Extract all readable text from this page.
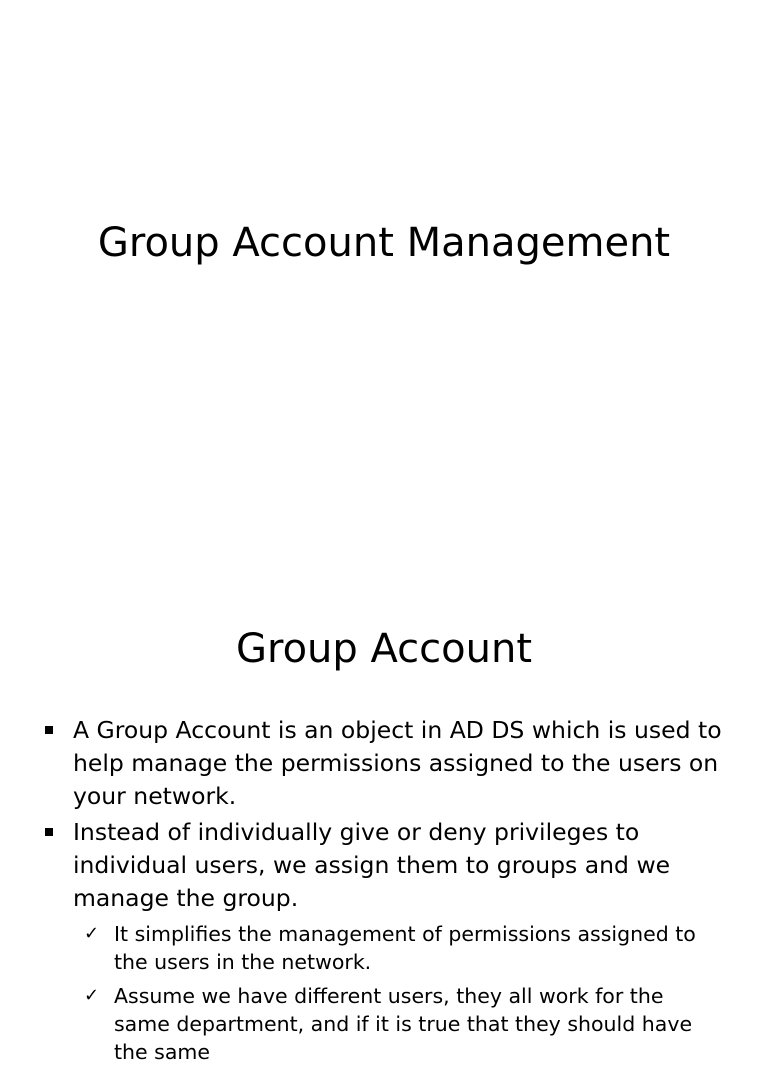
Group Account Management
Group Account
A Group Account is an object in AD DS which is used to help manage the permissions assigned to the users on your network.
Instead of individually give or deny privileges to individual users, we assign them to groups and we manage the group.
✓ It simplifies the management of permissions assigned to the users in the network.
✓ Assume we have different users, they all work for the same department, and if it is true that they should have the same
